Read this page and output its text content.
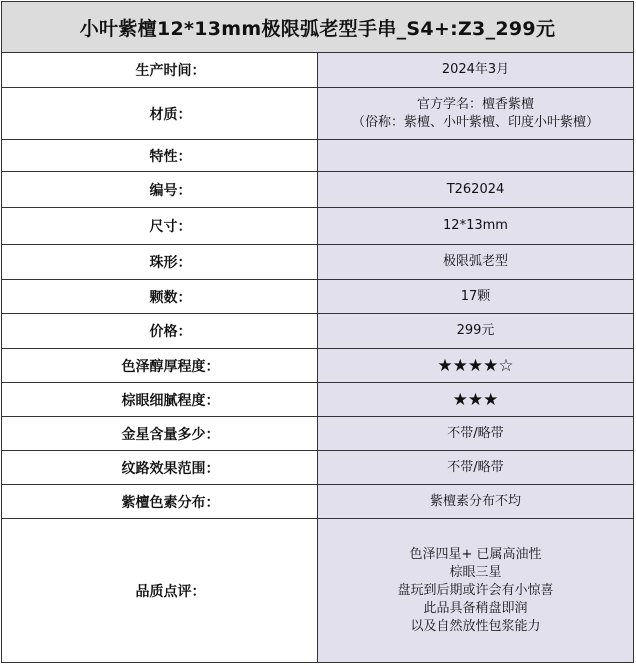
小叶紫檀12*13mm极限弧老型手串_S4+:Z3_299元	
生产时间：	2024年3月
材质：	官方学名：檀香紫檀
（俗称：紫檀、小叶紫檀、印度小叶紫檀）

特性：	
编号：	T262024
尺寸：	12*13mm
珠形：	极限弧老型
颗数：	17颗
价格：	299元
色泽醇厚程度：	★★★★☆
棕眼细腻程度：	★★★
金星含量多少：	不带/略带
纹路效果范围：	不带/略带
紫檀色素分布：	紫檀素分布不均
品质点评：	色泽四星+ 已属高油性
棕眼三星
盘玩到后期或许会有小惊喜
此品具备稍盘即润
以及自然放性包浆能力
